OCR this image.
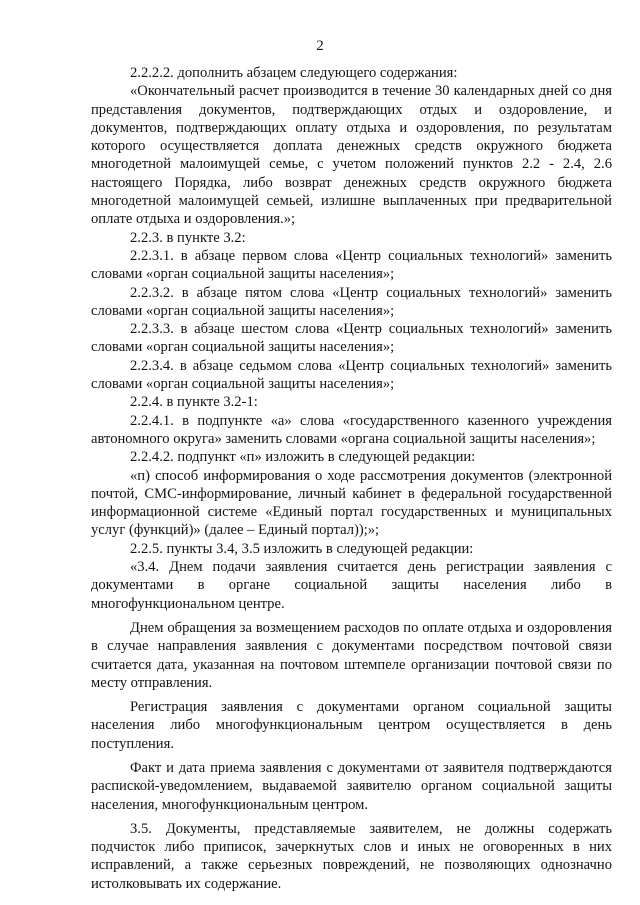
2

2.2.2.2. дополнить абзацем следующего содержания:

«Окончательный расчет производится в течение 30 календарных дней со дня представления документов, подтверждающих отдых и оздоровление, и документов, подтверждающих оплату отдыха и оздоровления, по результатам которого осуществляется доплата денежных средств окружного бюджета многодетной малоимущей семье, с учетом положений пунктов 2.2 - 2.4, 2.6 настоящего Порядка, либо возврат денежных средств окружного бюджета многодетной малоимущей семьей, излишне выплаченных при предварительной оплате отдыха и оздоровления.»;

2.2.3. в пункте 3.2:

2.2.3.1. в абзаце первом слова «Центр социальных технологий» заменить словами «орган социальной защиты населения»;

2.2.3.2. в абзаце пятом слова «Центр социальных технологий» заменить словами «орган социальной защиты населения»;

2.2.3.3. в абзаце шестом слова «Центр социальных технологий» заменить словами «орган социальной защиты населения»;

2.2.3.4. в абзаце седьмом слова «Центр социальных технологий» заменить словами «орган социальной защиты населения»;

2.2.4. в пункте 3.2-1:

2.2.4.1. в подпункте «а» слова «государственного казенного учреждения автономного округа» заменить словами «органа социальной защиты населения»;

2.2.4.2. подпункт «п» изложить в следующей редакции:

«п) способ информирования о ходе рассмотрения документов (электронной почтой, СМС-информирование, личный кабинет в федеральной государственной информационной системе «Единый портал государственных и муниципальных услуг (функций)» (далее – Единый портал));»;

2.2.5. пункты 3.4, 3.5 изложить в следующей редакции:

«3.4. Днем подачи заявления считается день регистрации заявления с документами в органе социальной защиты населения либо в многофункциональном центре.

Днем обращения за возмещением расходов по оплате отдыха и оздоровления в случае направления заявления с документами посредством почтовой связи считается дата, указанная на почтовом штемпеле организации почтовой связи по месту отправления.

Регистрация заявления с документами органом социальной защиты населения либо многофункциональным центром осуществляется в день поступления.

Факт и дата приема заявления с документами от заявителя подтверждаются распиской-уведомлением, выдаваемой заявителю органом социальной защиты населения, многофункциональным центром.

3.5. Документы, представляемые заявителем, не должны содержать подчисток либо приписок, зачеркнутых слов и иных не оговоренных в них исправлений, а также серьезных повреждений, не позволяющих однозначно истолковывать их содержание.
